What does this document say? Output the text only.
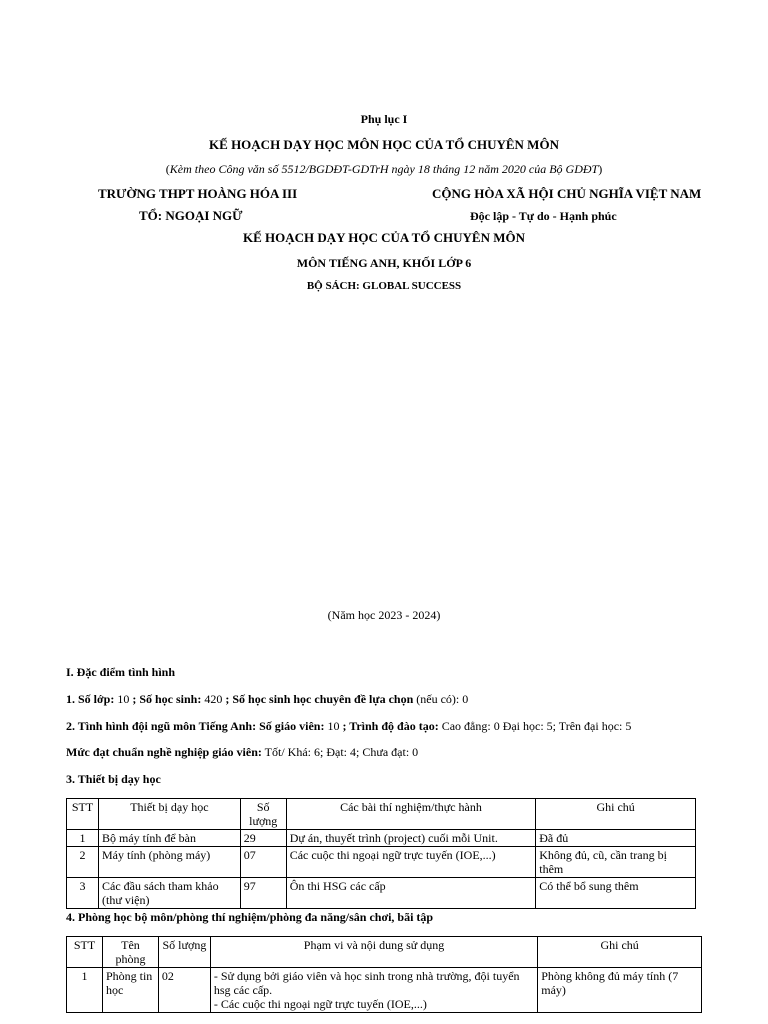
Phụ lục I
KẾ HOẠCH DẠY HỌC MÔN HỌC CỦA TỔ CHUYÊN MÔN
(Kèm theo Công văn số 5512/BGDĐT-GDTrH ngày 18 tháng 12 năm 2020 của Bộ GDĐT)
TRƯỜNG THPT HOÀNG HÓA III
TỔ: NGOẠI NGỮ
CỘNG HÒA XÃ HỘI CHỦ NGHĨA VIỆT NAM
Độc lập - Tự do - Hạnh phúc
KẾ HOẠCH DẠY HỌC CỦA TỔ CHUYÊN MÔN
MÔN TIẾNG ANH, KHỐI LỚP 6
BỘ SÁCH: GLOBAL SUCCESS
(Năm học 2023 - 2024)
I. Đặc điểm tình hình

1. Số lớp: 10 ; Số học sinh: 420 ; Số học sinh học chuyên đề lựa chọn (nếu có): 0

2. Tình hình đội ngũ môn Tiếng Anh: Số giáo viên: 10 ; Trình độ đào tạo: Cao đẳng: 0 Đại học: 5; Trên đại học: 5

Mức đạt chuẩn nghề nghiệp giáo viên: Tốt/ Khá: 6; Đạt: 4; Chưa đạt: 0

3. Thiết bị dạy học
STT	Thiết bị dạy học	Số lượng	Các bài thí nghiệm/thực hành	Ghi chú
1	Bộ máy tính để bàn	29	Dự án, thuyết trình (project) cuối mỗi Unit.	Đã đủ
2	Máy tính (phòng máy)	07	Các cuộc thi ngoại ngữ trực tuyến (IOE,...)	Không đủ, cũ, cần trang bị thêm
3	Các đầu sách tham khảo (thư viện)	97	Ôn thi HSG các cấp	Có thể bổ sung thêm
4. Phòng học bộ môn/phòng thí nghiệm/phòng đa năng/sân chơi, bãi tập
STT	Tên phòng	Số lượng	Phạm vi và nội dung sử dụng	Ghi chú
1	Phòng tin học	02	- Sử dụng bởi giáo viên và học sinh trong nhà trường, đội tuyển hsg các cấp.
- Các cuộc thi ngoại ngữ trực tuyến (IOE,...)	Phòng không đủ máy tính (7 máy)
